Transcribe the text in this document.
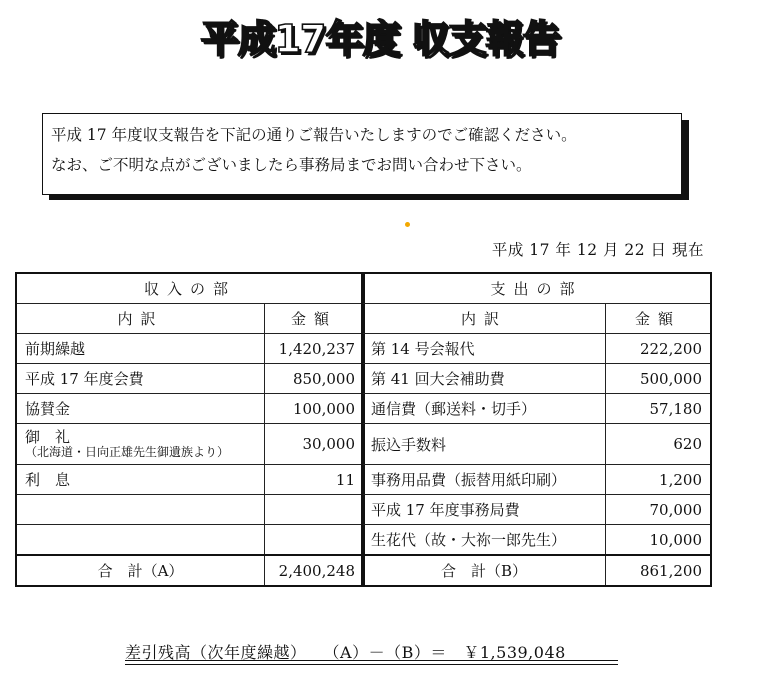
平成17年度 収支報告
平成 17 年度収支報告を下記の通りご報告いたしますのでご確認ください。
なお、ご不明な点がございましたら事務局までお問い合わせ下さい。
平成 17 年 12 月 22 日 現在
収入の部	
内訳	金額
前期繰越	1,420,237
平成 17 年度会費	850,000
協賛金	100,000
御　礼
（北海道・日向正雄先生御遺族より）	30,000
利　息	11

合　計（A）	2,400,248
支出の部	
内訳	金額
第 14 号会報代	222,200
第 41 回大会補助費	500,000
通信費（郵送料・切手）	57,180
振込手数料	620
事務用品費（振替用紙印刷）	1,200
平成 17 年度事務局費	70,000
生花代（故・大祢一郎先生）	10,000
合　計（B）	861,200
差引残高（次年度繰越）　　 （A）－（B）＝　 ￥1,539,048
